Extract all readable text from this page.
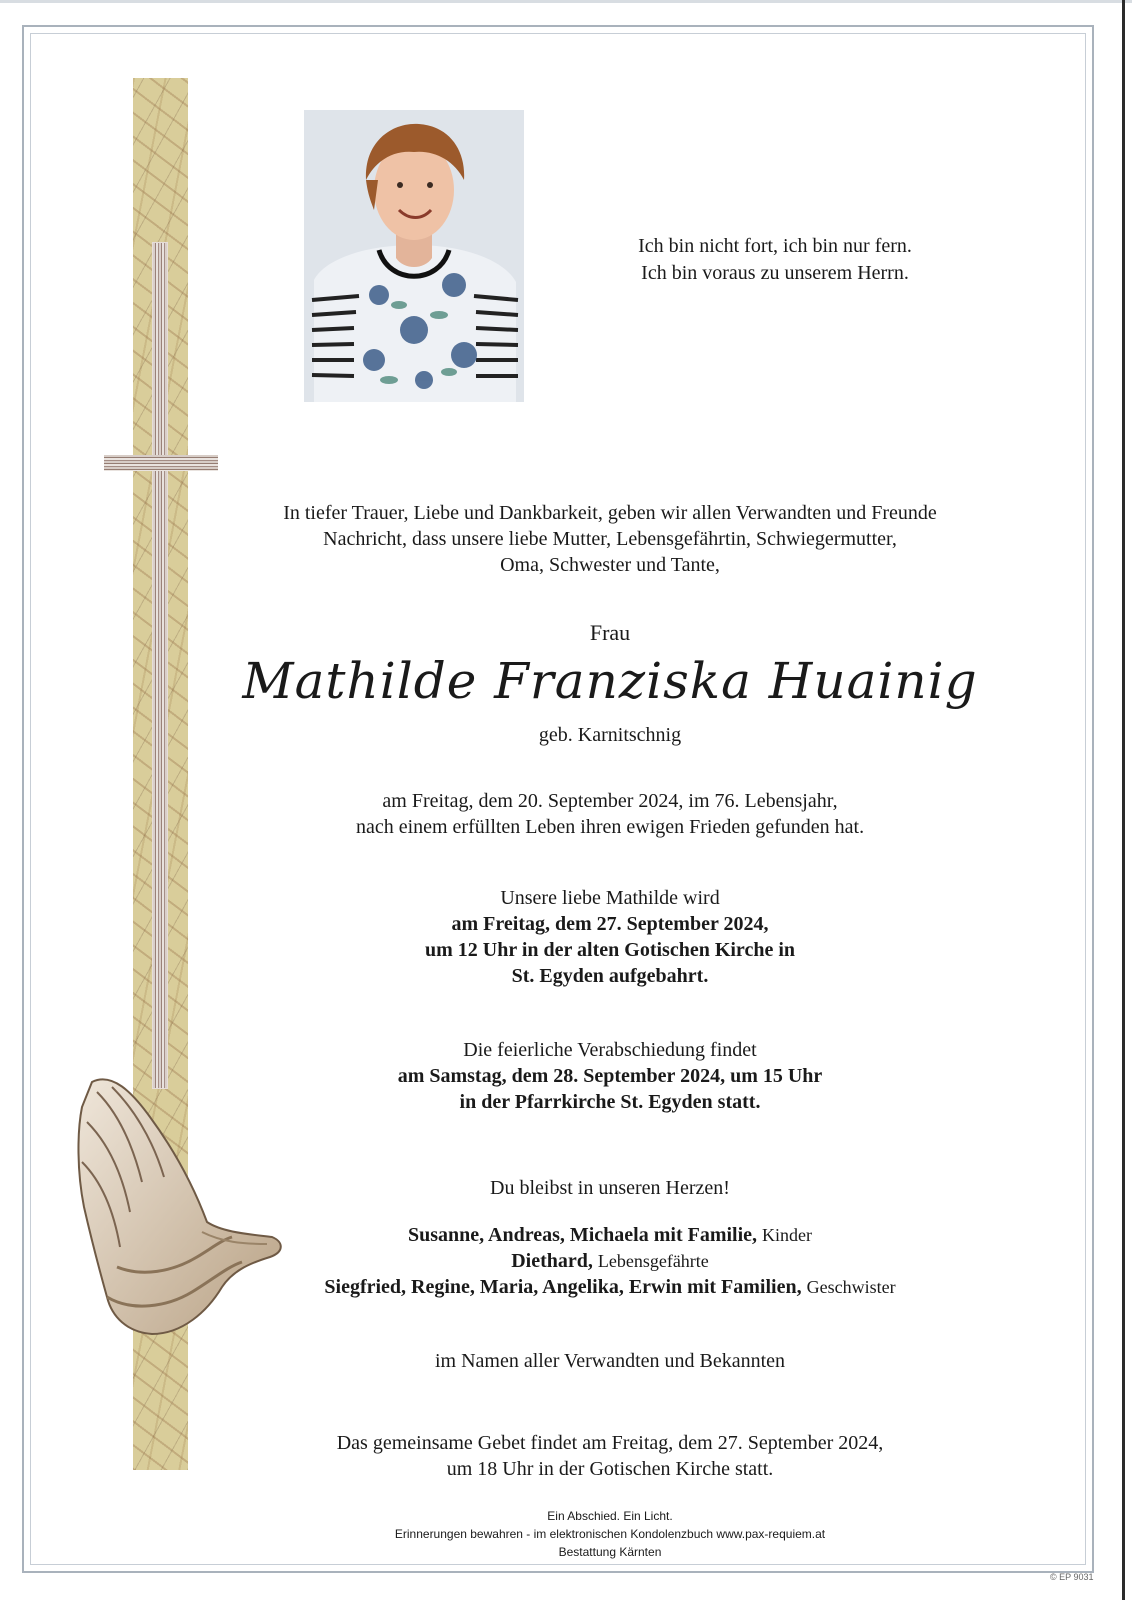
Ich bin nicht fort, ich bin nur fern.
Ich bin voraus zu unserem Herrn.
In tiefer Trauer, Liebe und Dankbarkeit, geben wir allen Verwandten und Freunde
Nachricht, dass unsere liebe Mutter, Lebensgefährtin, Schwiegermutter,
Oma, Schwester und Tante,
Frau
Mathilde Franziska Huainig
geb. Karnitschnig
am Freitag, dem 20. September 2024, im 76. Lebensjahr,
nach einem erfüllten Leben ihren ewigen Frieden gefunden hat.
Unsere liebe Mathilde wird
am Freitag, dem 27. September 2024,
um 12 Uhr in der alten Gotischen Kirche in
St. Egyden aufgebahrt.
Die feierliche Verabschiedung findet
am Samstag, dem 28. September 2024, um 15 Uhr
in der Pfarrkirche St. Egyden statt.
Du bleibst in unseren Herzen!
Susanne, Andreas, Michaela mit Familie, Kinder
Diethard, Lebensgefährte
Siegfried, Regine, Maria, Angelika, Erwin mit Familien, Geschwister
im Namen aller Verwandten und Bekannten
Das gemeinsame Gebet findet am Freitag, dem 27. September 2024,
um 18 Uhr in der Gotischen Kirche statt.
Ein Abschied. Ein Licht.
Erinnerungen bewahren - im elektronischen Kondolenzbuch www.pax-requiem.at
Bestattung Kärnten
© EP 9031
